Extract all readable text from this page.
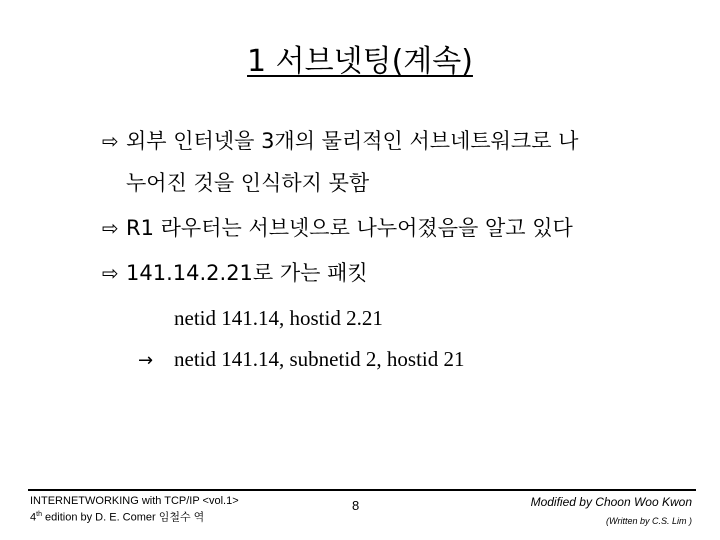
1 서브넷팅(계속)
⇨ 외부 인터넷을 3개의 물리적인 서브네트워크로 나
누어진 것을 인식하지 못함
⇨ R1 라우터는 서브넷으로 나누어졌음을 알고 있다
⇨ 141.14.2.21로 가는 패킷
netid 141.14, hostid 2.21
→ netid 141.14, subnetid 2, hostid 21
INTERNETWORKING with TCP/IP <vol.1>
4th edition by D. E. Comer 임철수 역
8	Modified by Choon Woo Kwon
(Written by C.S. Lim )
